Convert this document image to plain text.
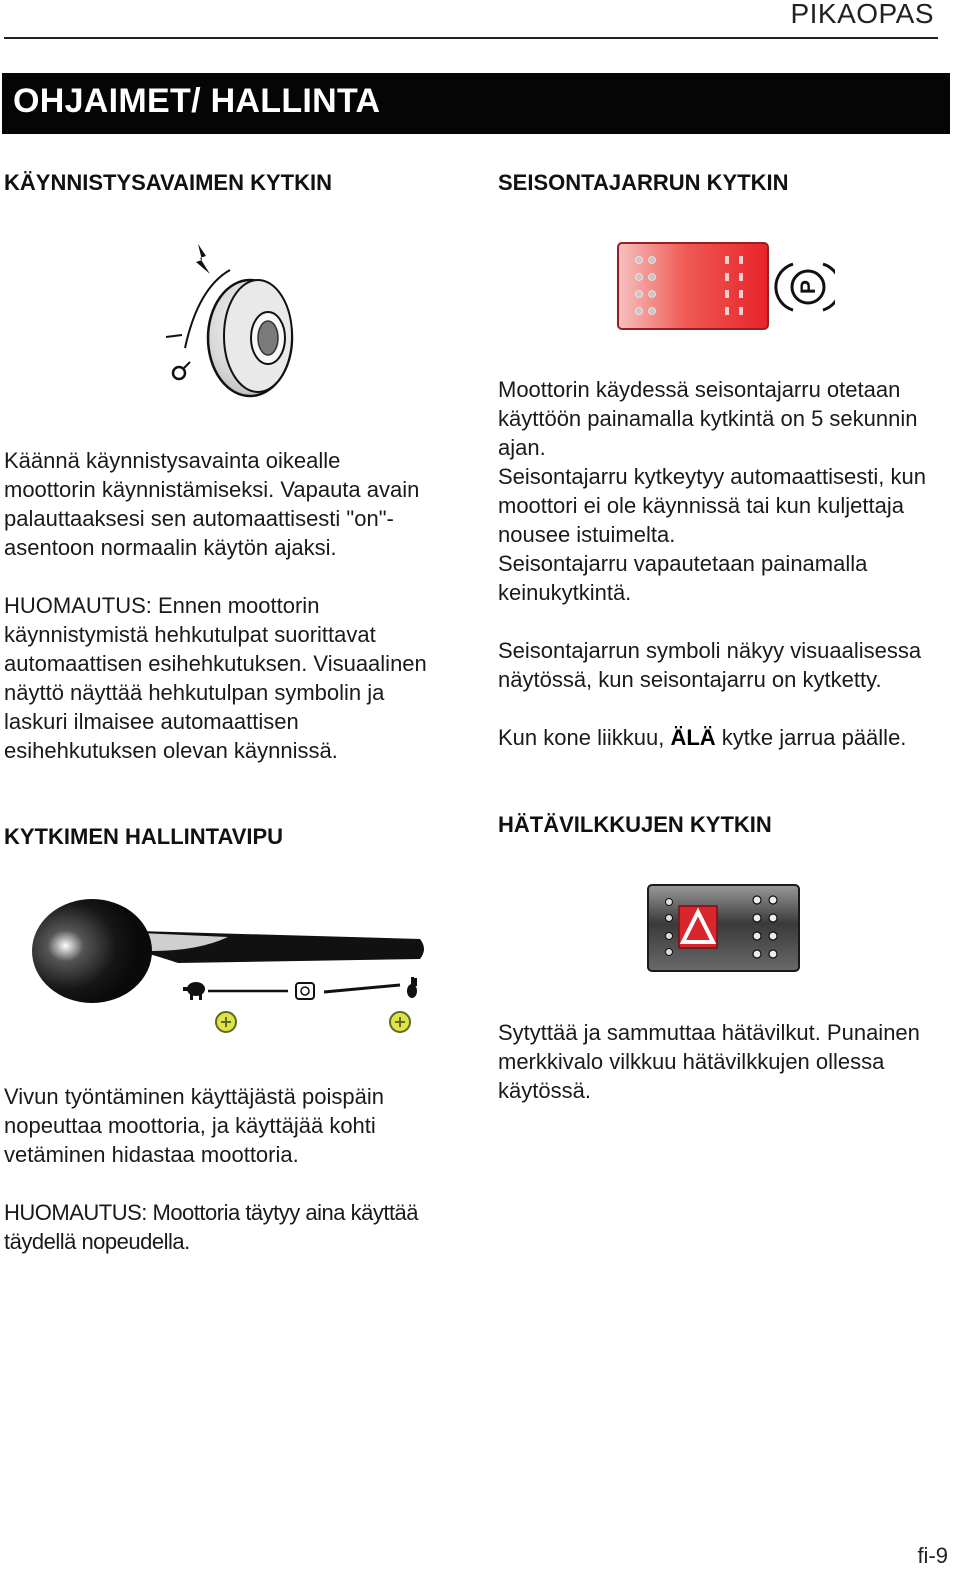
PIKAOPAS
OHJAIMET/ HALLINTA
KÄYNNISTYSAVAIMEN KYTKIN

Käännä käynnistysavainta oikealle
moottorin käynnistämiseksi. Vapauta avain
palauttaaksesi sen automaattisesti "on"-
asentoon normaalin käytön ajaksi.

HUOMAUTUS: Ennen moottorin
käynnistymistä hehkutulpat suorittavat
automaattisen esihehkutuksen. Visuaalinen
näyttö näyttää hehkutulpan symbolin ja
laskuri ilmaisee automaattisen
esihehkutuksen olevan käynnissä.

SEISONTAJARRUN KYTKIN
P

Moottorin käydessä seisontajarru otetaan
käyttöön painamalla kytkintä on 5 sekunnin
ajan.
Seisontajarru kytkeytyy automaattisesti, kun
moottori ei ole käynnissä tai kun kuljettaja
nousee istuimelta.
Seisontajarru vapautetaan painamalla
keinukytkintä.

Seisontajarrun symboli näkyy visuaalisessa
näytössä, kun seisontajarru on kytketty.

Kun kone liikkuu, ÄLÄ kytke jarrua päälle.

KYTKIMEN HALLINTAVIPU

Vivun työntäminen käyttäjästä poispäin
nopeuttaa moottoria, ja käyttäjää kohti
vetäminen hidastaa moottoria.

HUOMAUTUS: Moottoria täytyy aina käyttää
täydellä nopeudella.

HÄTÄVILKKUJEN KYTKIN

Sytyttää ja sammuttaa hätävilkut. Punainen
merkkivalo vilkkuu hätävilkkujen ollessa
käytössä.

fi-9
